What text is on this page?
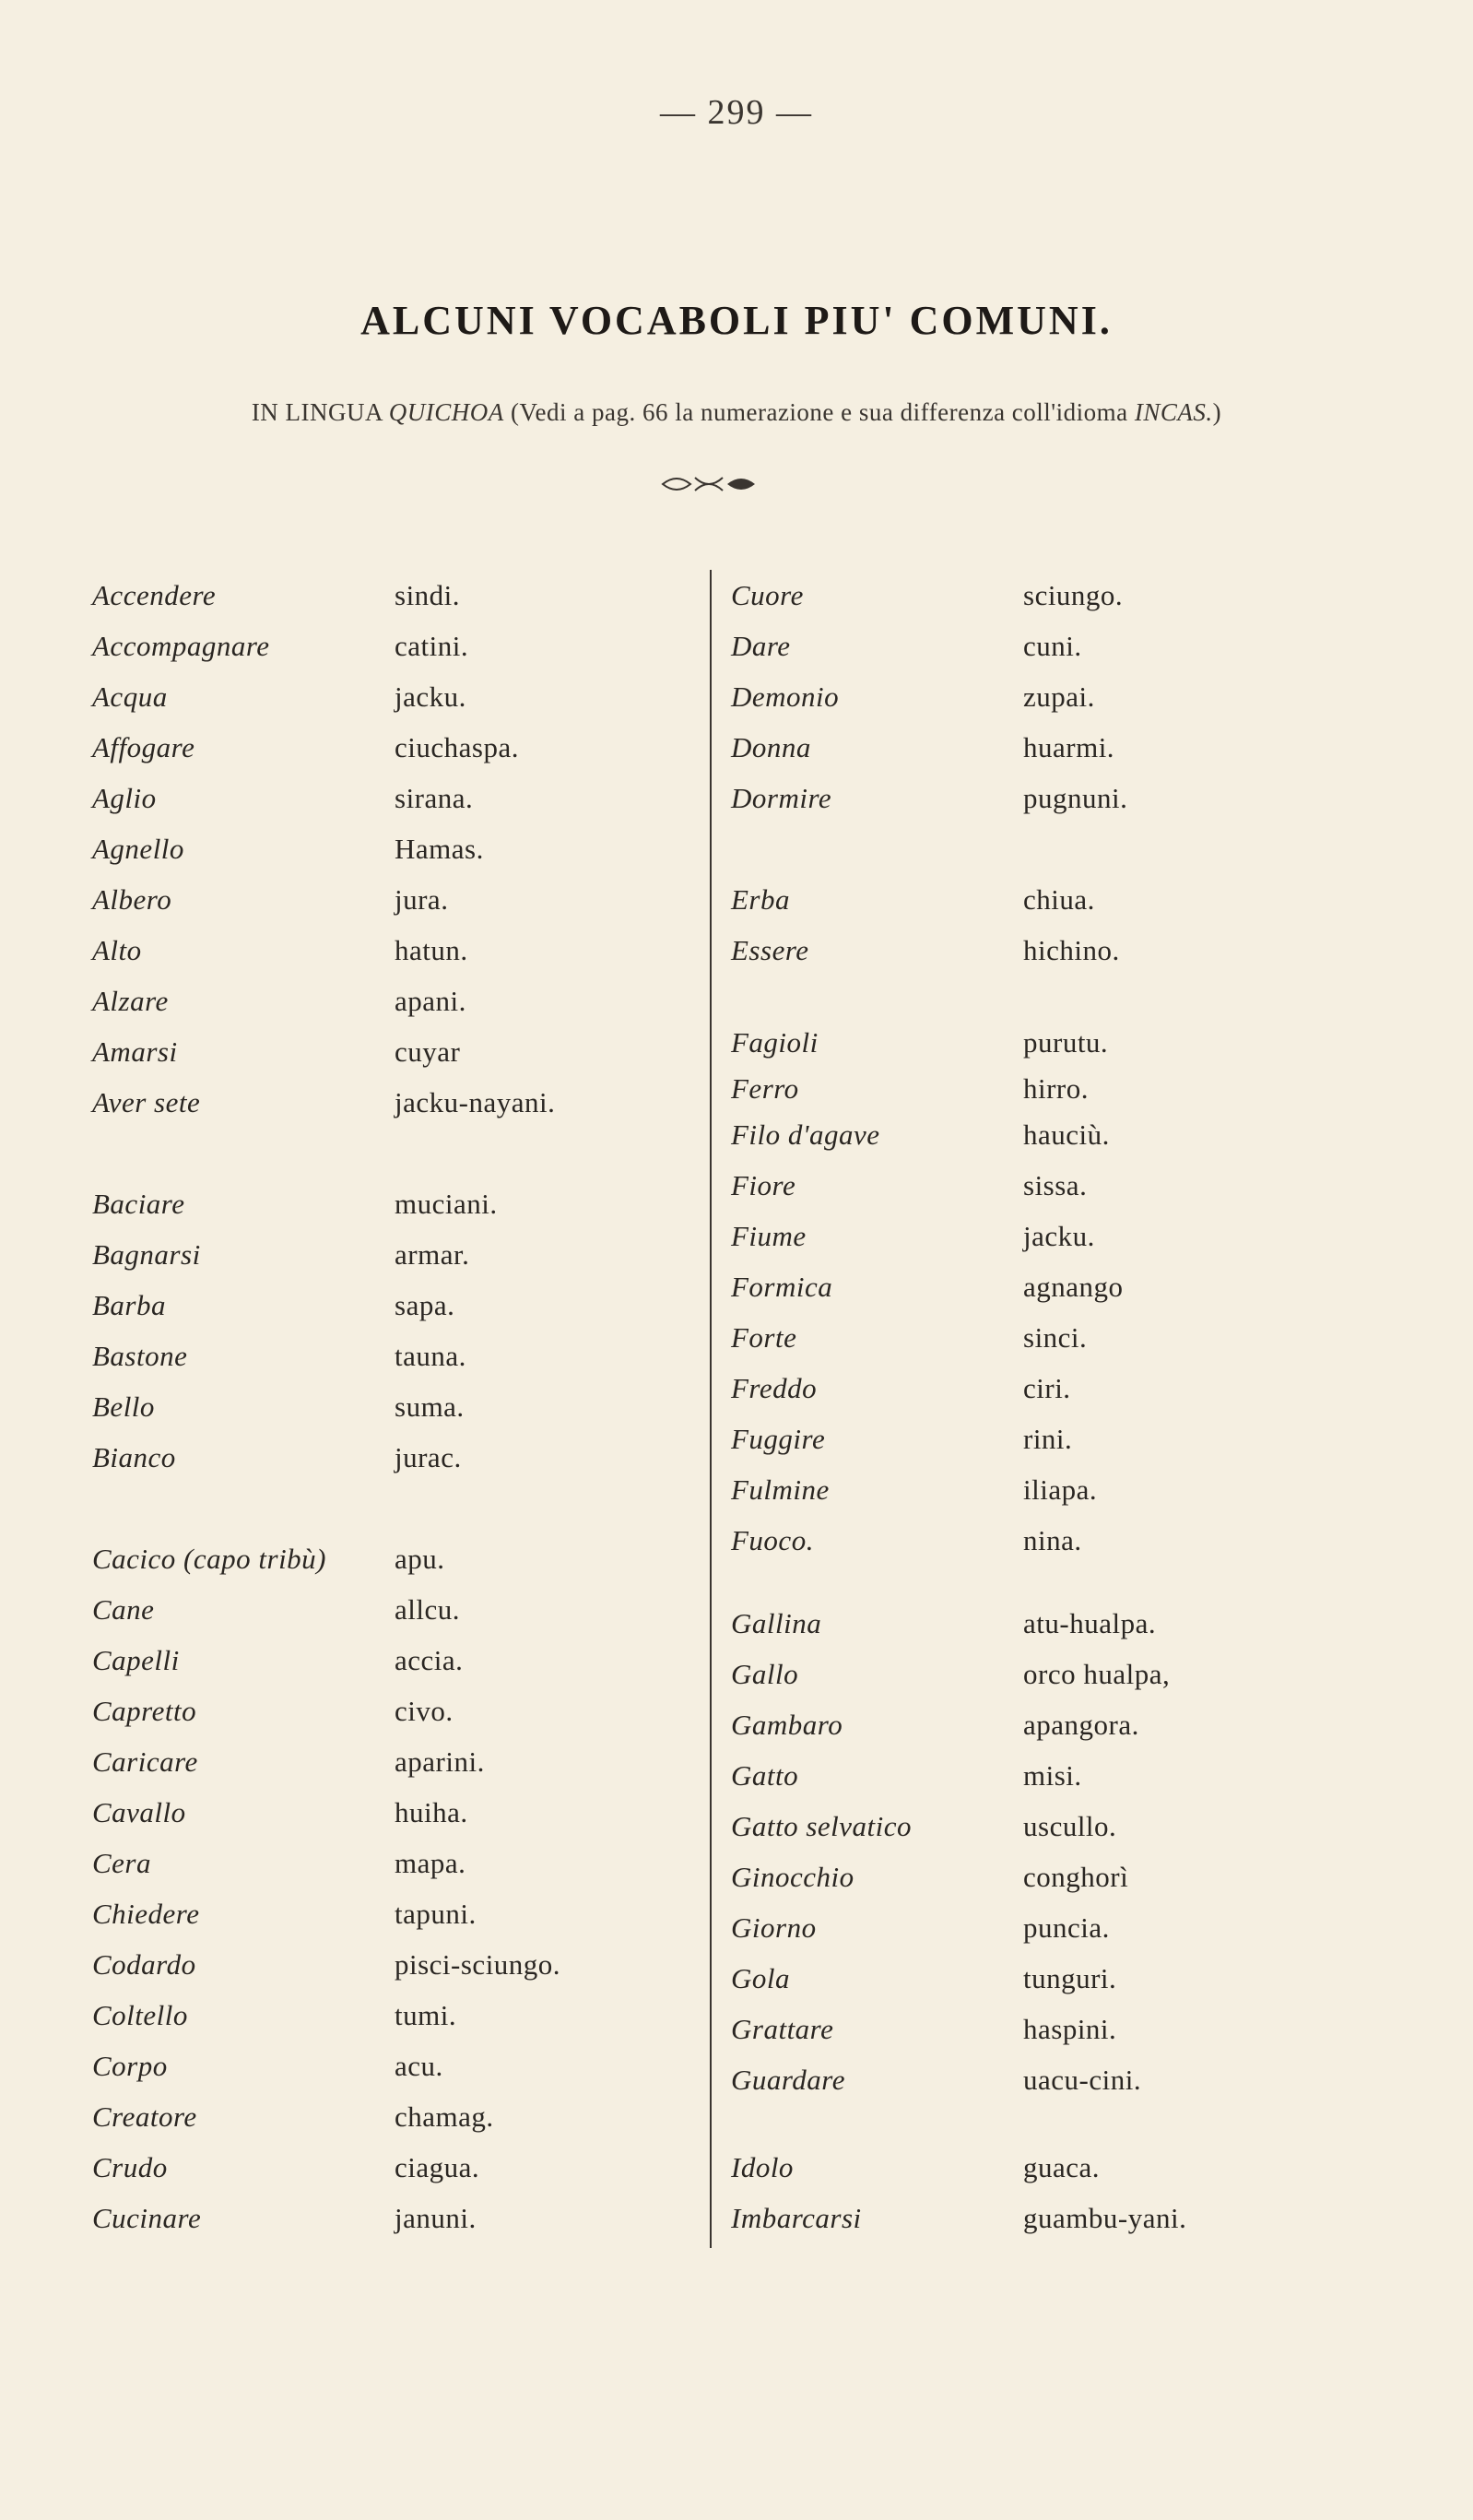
— 299 —
ALCUNI VOCABOLI PIU' COMUNI.
IN LINGUA QUICHOA (Vedi a pag. 66 la numerazione e sua differenza coll'idioma INCAS.)
Accendere	sindi.
Accompagnare	catini.
Acqua	jacku.
Affogare	ciuchaspa.
Aglio	sirana.
Agnello	Hamas.
Albero	jura.
Alto	hatun.
Alzare	apani.
Amarsi	cuyar
Aver sete	jacku-nayani.
Baciare	muciani.
Bagnarsi	armar.
Barba	sapa.
Bastone	tauna.
Bello	suma.
Bianco	jurac.
Cacico (capo tribù) apu.
Cane	allcu.
Capelli	accia.
Capretto	civo.
Caricare	aparini.
Cavallo	huiha.
Cera	mapa.
Chiedere	tapuni.
Codardo	pisci-sciungo.
Coltello	tumi.
Corpo	acu.
Creatore	chamag.
Crudo	ciagua.
Cucinare	januni.
Cuore	sciungo.
Dare	cuni.
Demonio	zupai.
Donna	huarmi.
Dormire	pugnuni.
Erba	chiua.
Essere	hichino.
Fagioli	purutu.
Ferro	hirro.
Filo d'agave	hauciù.
Fiore	sissa.
Fiume	jacku.
Formica	agnango
Forte	sinci.
Freddo	ciri.
Fuggire	rini.
Fulmine	iliapa.
Fuoco.	nina.
Gallina	atu-hualpa.
Gallo	orco hualpa,
Gambaro	apangora.
Gatto	misi.
Gatto selvatico	uscullo.
Ginocchio	conghorì
Giorno	puncia.
Gola	tunguri.
Grattare	haspini.
Guardare	uacu-cini.
Idolo	guaca.
Imbarcarsi	guambu-yani.
